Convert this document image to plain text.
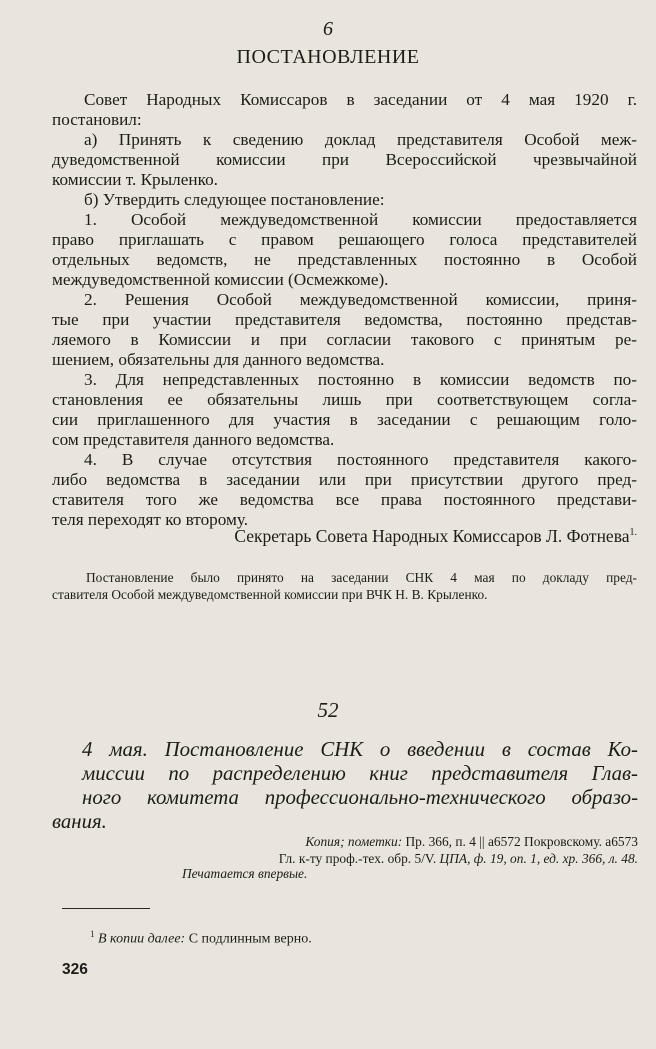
6
ПОСТАНОВЛЕНИЕ
Совет Народных Комиссаров в заседании от 4 мая 1920 г.
постановил:
а) Принять к сведению доклад представителя Особой меж-
дуведомственной комиссии при Всероссийской чрезвычайной
комиссии т. Крыленко.
б) Утвердить следующее постановление:
1. Особой междуведомственной комиссии предоставляется
право приглашать с правом решающего голоса представителей
отдельных ведомств, не представленных постоянно в Особой
междуведомственной комиссии (Осмежкоме).
2. Решения Особой междуведомственной комиссии, приня-
тые при участии представителя ведомства, постоянно представ-
ляемого в Комиссии и при согласии такового с принятым ре-
шением, обязательны для данного ведомства.
3. Для непредставленных постоянно в комиссии ведомств по-
становления ее обязательны лишь при соответствующем согла-
сии приглашенного для участия в заседании с решающим голо-
сом представителя данного ведомства.
4. В случае отсутствия постоянного представителя какого-
либо ведомства в заседании или при присутствии другого пред-
ставителя того же ведомства все права постоянного представи-
теля переходят ко второму.
Секретарь Совета Народных Комиссаров Л. Фотнева$^{1.}$
Постановление было принято на заседании СНК 4 мая по докладу пред-
ставителя Особой междуведомственной комиссии при ВЧК Н. В. Крыленко.
52
4 мая. Постановление СНК о введении в состав Ко-
миссии по распределению книг представителя Глав-
ного комитета профессионально-технического образо-
вания.
Копия; пометки: Пр. 366, п. 4 || а6572 Покровскому. а6573
Гл. к-ту проф.-тех. обр. 5/V. ЦПА, ф. 19, оп. 1, ед. хр. 366, л. 48.
Печатается впервые.
$^1$ В копии далее: С подлинным верно.
326
